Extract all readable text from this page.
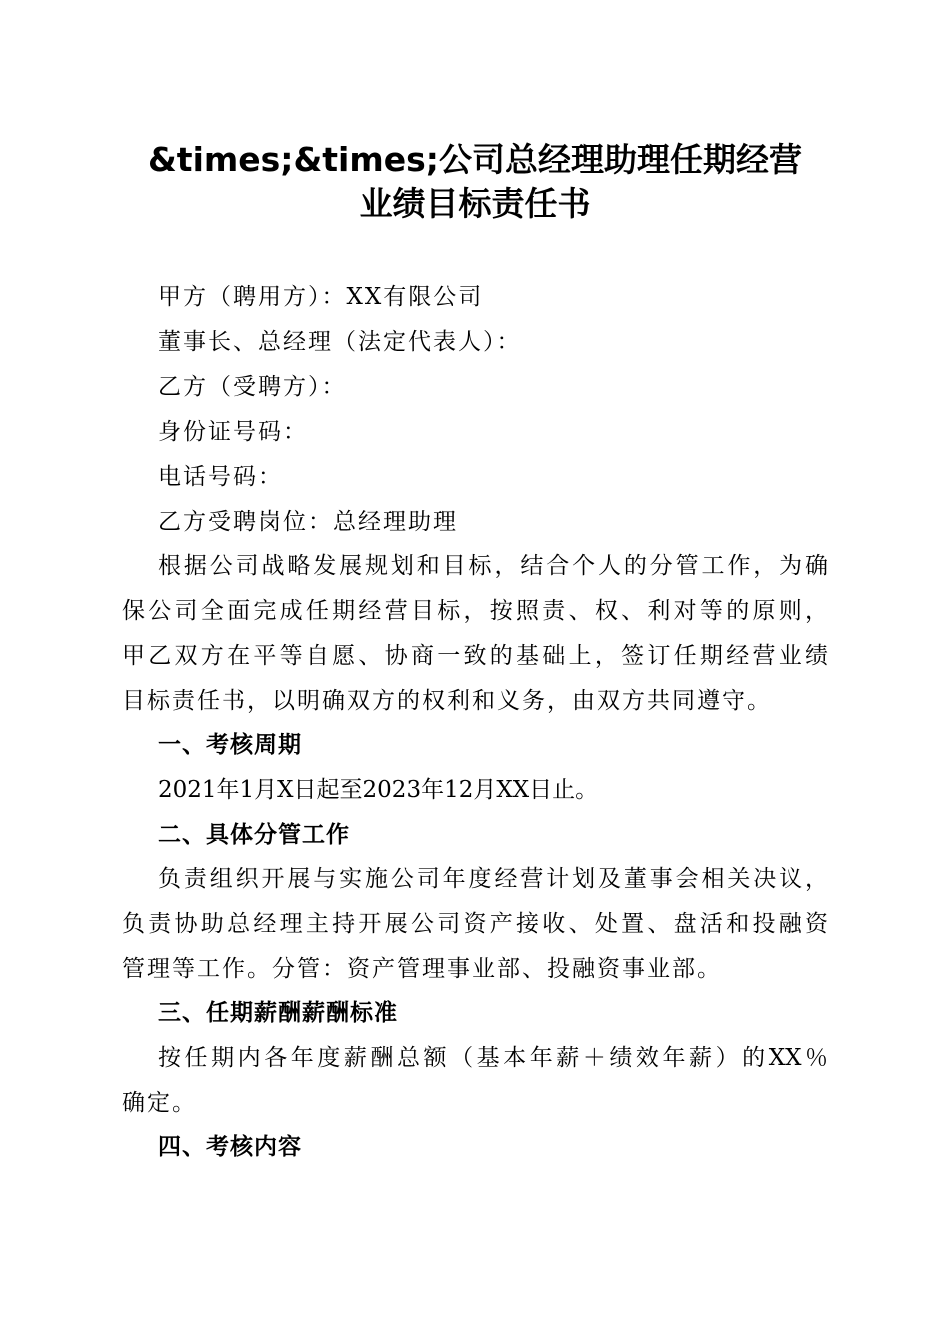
&times;&times;公司总经理助理任期经营
业绩目标责任书
甲方（聘用方）：XX有限公司
董事长、总经理（法定代表人）：
乙方（受聘方）：
身份证号码：
电话号码：
乙方受聘岗位：总经理助理
根据公司战略发展规划和目标，结合个人的分管工作，为确
保公司全面完成任期经营目标，按照责、权、利对等的原则，
甲乙双方在平等自愿、协商一致的基础上，签订任期经营业绩
目标责任书，以明确双方的权利和义务，由双方共同遵守。
一、考核周期
2021年1月X日起至2023年12月XX日止。
二、具体分管工作
负责组织开展与实施公司年度经营计划及董事会相关决议，
负责协助总经理主持开展公司资产接收、处置、盘活和投融资
管理等工作。分管：资产管理事业部、投融资事业部。
三、任期薪酬薪酬标准
按任期内各年度薪酬总额（基本年薪＋绩效年薪）的XX％
确定。
四、考核内容
